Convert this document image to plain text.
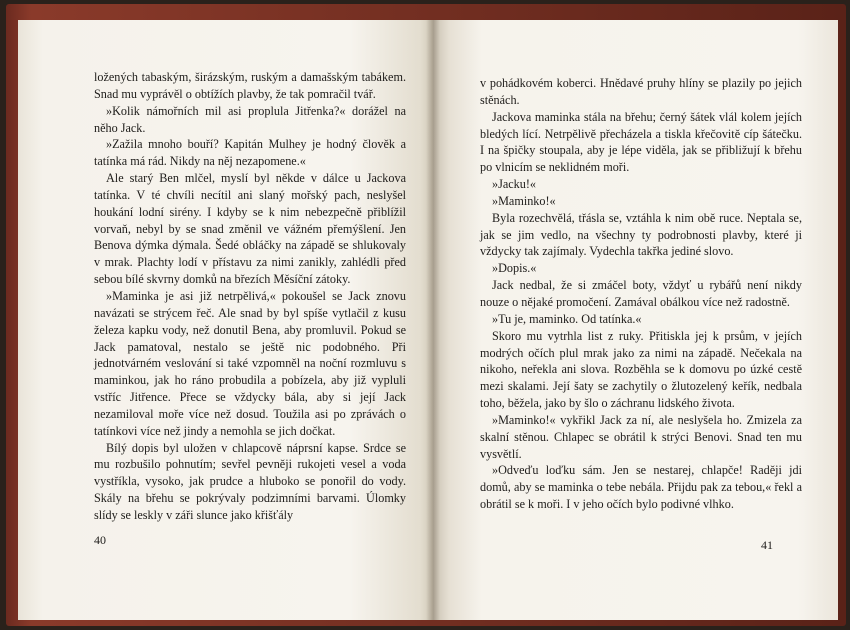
ložených tabaským, širázským, ruským a damašským tabákem. Snad mu vyprávěl o obtížích plavby, že tak pomračil tvář.

»Kolik námořních mil asi proplula Jitřenka?« dorážel na něho Jack.

»Zažila mnoho bouří? Kapitán Mulhey je hodný člověk a tatínka má rád. Nikdy na něj nezapomene.«

Ale starý Ben mlčel, myslí byl někde v dálce u Jackova tatínka. V té chvíli necítil ani slaný mořský pach, neslyšel houkání lodní sirény. I kdyby se k nim nebezpečně přiblížil vorvaň, nebyl by se snad změnil ve vážném přemýšlení. Jen Benova dýmka dýmala. Šedé obláčky na západě se shlukovaly v mrak. Plachty lodí v přístavu za nimi zanikly, zahlédli před sebou bílé skvrny domků na březích Měsíční zátoky.

»Maminka je asi již netrpělivá,« pokoušel se Jack znovu navázati se strýcem řeč. Ale snad by byl spíše vytlačil z kusu železa kapku vody, než donutil Bena, aby promluvil. Pokud se Jack pamatoval, nestalo se ještě nic podobného. Při jednotvárném veslování si také vzpomněl na noční rozmluvu s maminkou, jak ho ráno probudila a pobízela, aby již vypluli vstříc Jitřence. Přece se vždycky bála, aby si její Jack nezamiloval moře více než dosud. Toužila asi po zprávách o tatínkovi více než jindy a nemohla se jich dočkat.

Bílý dopis byl uložen v chlapcově náprsní kapse. Srdce se mu rozbušilo pohnutím; sevřel pevněji rukojeti vesel a voda vystříkla, vysoko, jak prudce a hluboko se ponořil do vody. Skály na břehu se pokrývaly podzimními barvami. Úlomky slídy se leskly v záři slunce jako křišťály

40

v pohádkovém koberci. Hnědavé pruhy hlíny se plazily po jejich stěnách.

Jackova maminka stála na břehu; černý šátek vlál kolem jejích bledých lící. Netrpělivě přecházela a tiskla křečovitě cíp šátečku. I na špičky stoupala, aby je lépe viděla, jak se přibližují k břehu po vlnicím se neklidném moři.

»Jacku!«

»Maminko!«

Byla rozechvělá, třásla se, vztáhla k nim obě ruce. Neptala se, jak se jim vedlo, na všechny ty podrobnosti plavby, které ji vždycky tak zajímaly. Vydechla takřka jediné slovo.

»Dopis.«

Jack nedbal, že si zmáčel boty, vždyť u rybářů není nikdy nouze o nějaké promočení. Zamával obálkou více než radostně.

»Tu je, maminko. Od tatínka.«

Skoro mu vytrhla list z ruky. Přitiskla jej k prsům, v jejích modrých očích plul mrak jako za nimi na západě. Nečekala na nikoho, neřekla ani slova. Rozběhla se k domovu po úzké cestě mezi skalami. Její šaty se zachytily o žlutozelený keřík, nedbala toho, běžela, jako by šlo o záchranu lidského života.

»Maminko!« vykřikl Jack za ní, ale neslyšela ho. Zmizela za skalní stěnou. Chlapec se obrátil k strýci Benovi. Snad ten mu vysvětlí.

»Odveďu loďku sám. Jen se nestarej, chlapče! Raději jdi domů, aby se maminka o tebe nebála. Přijdu pak za tebou,« řekl a obrátil se k moři. I v jeho očích bylo podivné vlhko.

41
